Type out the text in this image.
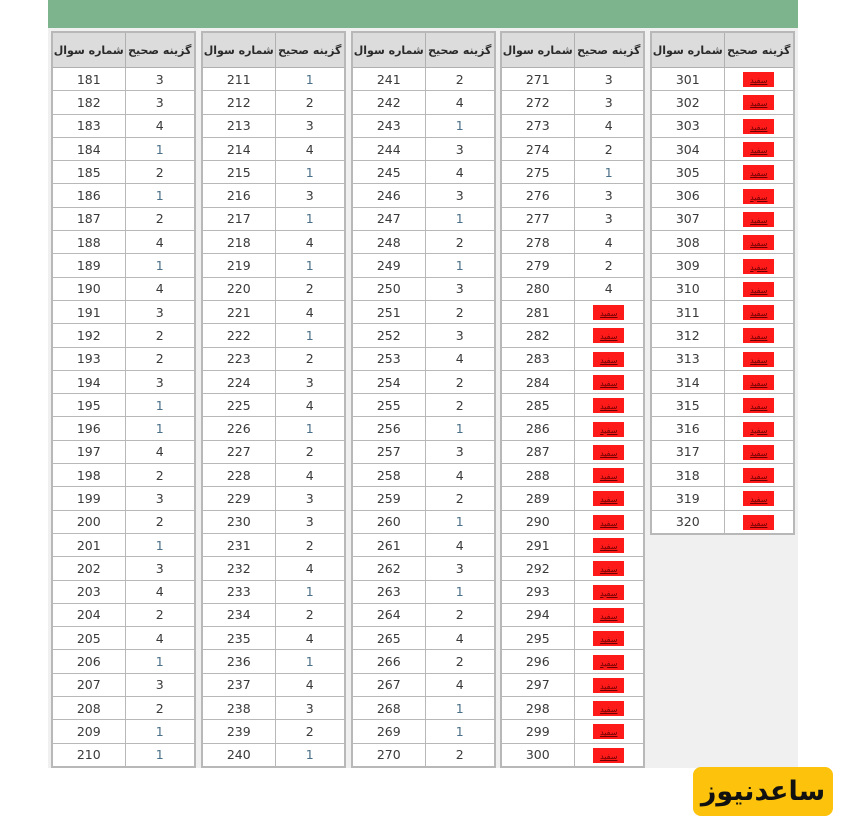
شماره سوال	گزینه صحیح
181	3
182	3
183	4
184	1
185	2
186	1
187	2
188	4
189	1
190	4
191	3
192	2
193	2
194	3
195	1
196	1
197	4
198	2
199	3
200	2
201	1
202	3
203	4
204	2
205	4
206	1
207	3
208	2
209	1
210	1
شماره سوال	گزینه صحیح
211	1
212	2
213	3
214	4
215	1
216	3
217	1
218	4
219	1
220	2
221	4
222	1
223	2
224	3
225	4
226	1
227	2
228	4
229	3
230	3
231	2
232	4
233	1
234	2
235	4
236	1
237	4
238	3
239	2
240	1
شماره سوال	گزینه صحیح
241	2
242	4
243	1
244	3
245	4
246	3
247	1
248	2
249	1
250	3
251	2
252	3
253	4
254	2
255	2
256	1
257	3
258	4
259	2
260	1
261	4
262	3
263	1
264	2
265	4
266	2
267	4
268	1
269	1
270	2
شماره سوال	گزینه صحیح
271	3
272	3
273	4
274	2
275	1
276	3
277	3
278	4
279	2
280	4
281	سفید
282	سفید
283	سفید
284	سفید
285	سفید
286	سفید
287	سفید
288	سفید
289	سفید
290	سفید
291	سفید
292	سفید
293	سفید
294	سفید
295	سفید
296	سفید
297	سفید
298	سفید
299	سفید
300	سفید
شماره سوال	گزینه صحیح
301	سفید
302	سفید
303	سفید
304	سفید
305	سفید
306	سفید
307	سفید
308	سفید
309	سفید
310	سفید
311	سفید
312	سفید
313	سفید
314	سفید
315	سفید
316	سفید
317	سفید
318	سفید
319	سفید
320	سفید
ساعدنیوز
